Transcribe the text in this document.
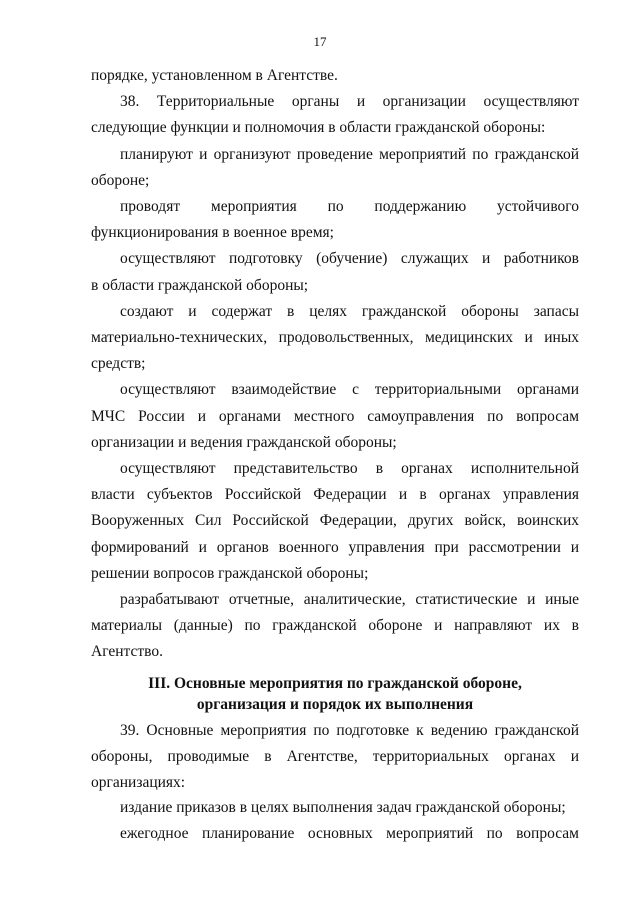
17
порядке, установленном в Агентстве.
38. Территориальные органы и организации осуществляют
следующие функции и полномочия в области гражданской обороны:
планируют и организуют проведение мероприятий по гражданской
обороне;
проводят мероприятия по поддержанию устойчивого
функционирования в военное время;
осуществляют подготовку (обучение) служащих и работников
в области гражданской обороны;
создают и содержат в целях гражданской обороны запасы
материально-технических, продовольственных, медицинских и иных
средств;
осуществляют взаимодействие с территориальными органами
МЧС России и органами местного самоуправления по вопросам
организации и ведения гражданской обороны;
осуществляют представительство в органах исполнительной
власти субъектов Российской Федерации и в органах управления
Вооруженных Сил Российской Федерации, других войск, воинских
формирований и органов военного управления при рассмотрении и
решении вопросов гражданской обороны;
разрабатывают отчетные, аналитические, статистические и иные
материалы (данные) по гражданской обороне и направляют их в
Агентство.
III. Основные мероприятия по гражданской обороне,
организация и порядок их выполнения
39. Основные мероприятия по подготовке к ведению гражданской
обороны, проводимые в Агентстве, территориальных органах и
организациях:
издание приказов в целях выполнения задач гражданской обороны;
ежегодное планирование основных мероприятий по вопросам
